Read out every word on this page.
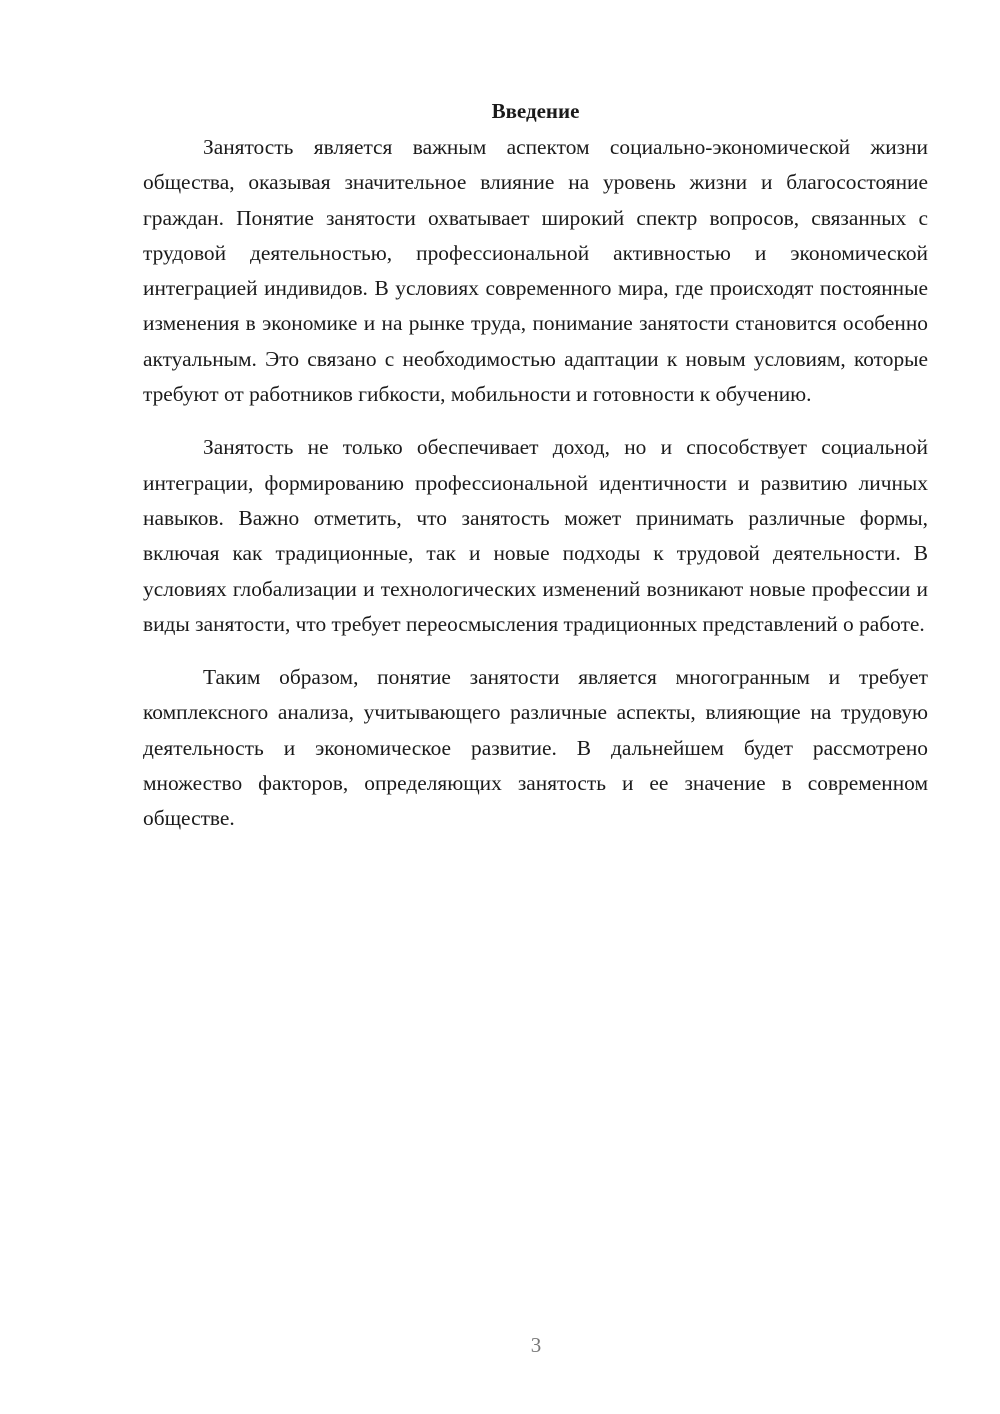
Введение

Занятость является важным аспектом социально-экономической жизни общества, оказывая значительное влияние на уровень жизни и благосостояние граждан. Понятие занятости охватывает широкий спектр вопросов, связанных с трудовой деятельностью, профессиональной активностью и экономической интеграцией индивидов. В условиях современного мира, где происходят постоянные изменения в экономике и на рынке труда, понимание занятости становится особенно актуальным. Это связано с необходимостью адаптации к новым условиям, которые требуют от работников гибкости, мобильности и готовности к обучению.

Занятость не только обеспечивает доход, но и способствует социальной интеграции, формированию профессиональной идентичности и развитию личных навыков. Важно отметить, что занятость может принимать различные формы, включая как традиционные, так и новые подходы к трудовой деятельности. В условиях глобализации и технологических изменений возникают новые профессии и виды занятости, что требует переосмысления традиционных представлений о работе.

Таким образом, понятие занятости является многогранным и требует комплексного анализа, учитывающего различные аспекты, влияющие на трудовую деятельность и экономическое развитие. В дальнейшем будет рассмотрено множество факторов, определяющих занятость и ее значение в современном обществе.

3
